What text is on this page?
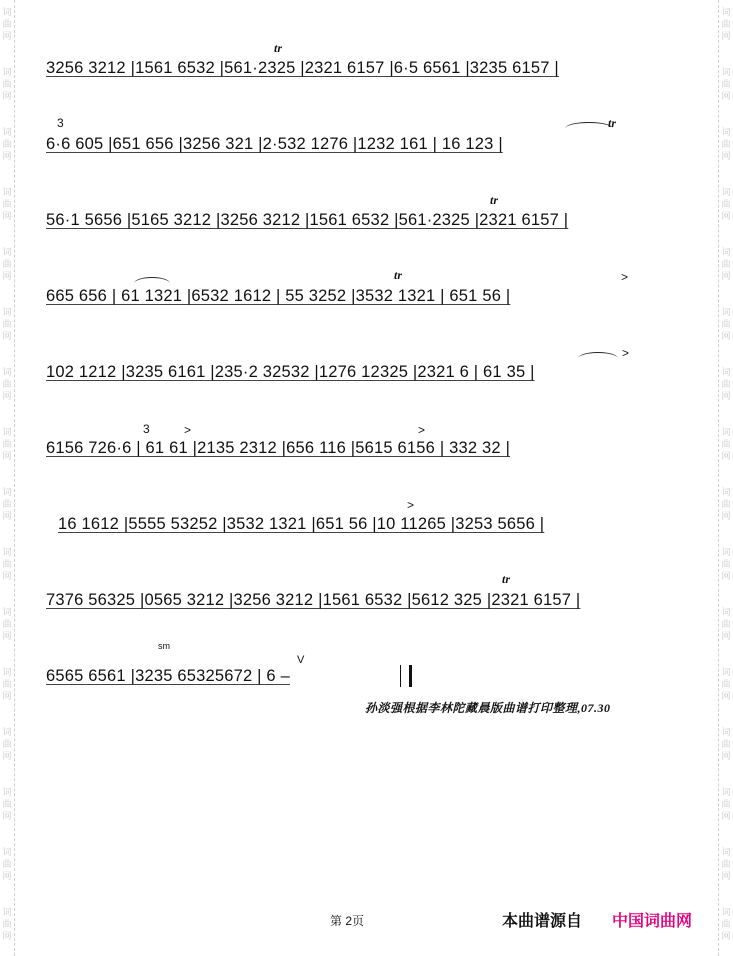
词
曲
网
词
曲
网
词
曲
网
词
曲
网
词
曲
网
词
曲
网
词
曲
网
词
曲
网
词
曲
网
词
曲
网
词
曲
网
词
曲
网
词
曲
网
词
曲
网
词
曲
网
词
曲
网
词
曲
网
词
曲
网
词
曲
网
词
曲
网
词
曲
网
词
曲
网
词
曲
网
词
曲
网
词
曲
网
词
曲
网
词
曲
网
词
曲
网
词
曲
网
词
曲
网
词
曲
网
词
曲
网
tr
3	tr
tr
tr	>
>
3	>	>
>
tr
sm
V
3256 3212 |1561 6532 |561·2325 |2321 6157 |6·5 6561 |3235 6157 |
6·6 605 |651 656 |3256 321 |2·532 1276 |1232 161 | 16 123 |
56·1 5656 |5165 3212 |3256 3212 |1561 6532 |561·2325 |2321 6157 |
665 656 | 61 1321 |6532 1612 | 55 3252 |3532 1321 | 651 56 |
102 1212 |3235 6161 |235·2 32532 |1276 12325 |2321 6 | 61 35 |
6156 726·6 | 61 61 |2135 2312 |656 116 |5615 6156 | 332 32 |
16 1612 |5555 53252 |3532 1321 |651 56 |10 11265 |3253 5656 |
7376 56325 |0565 3212 |3256 3212 |1561 6532 |5612 325 |2321 6157 |
6565 6561 |3235 65325672 | 6 –
孙淡强根据李林陀藏晨版曲谱打印整理,07.30
第 2页	本曲谱源自 中国词曲网
